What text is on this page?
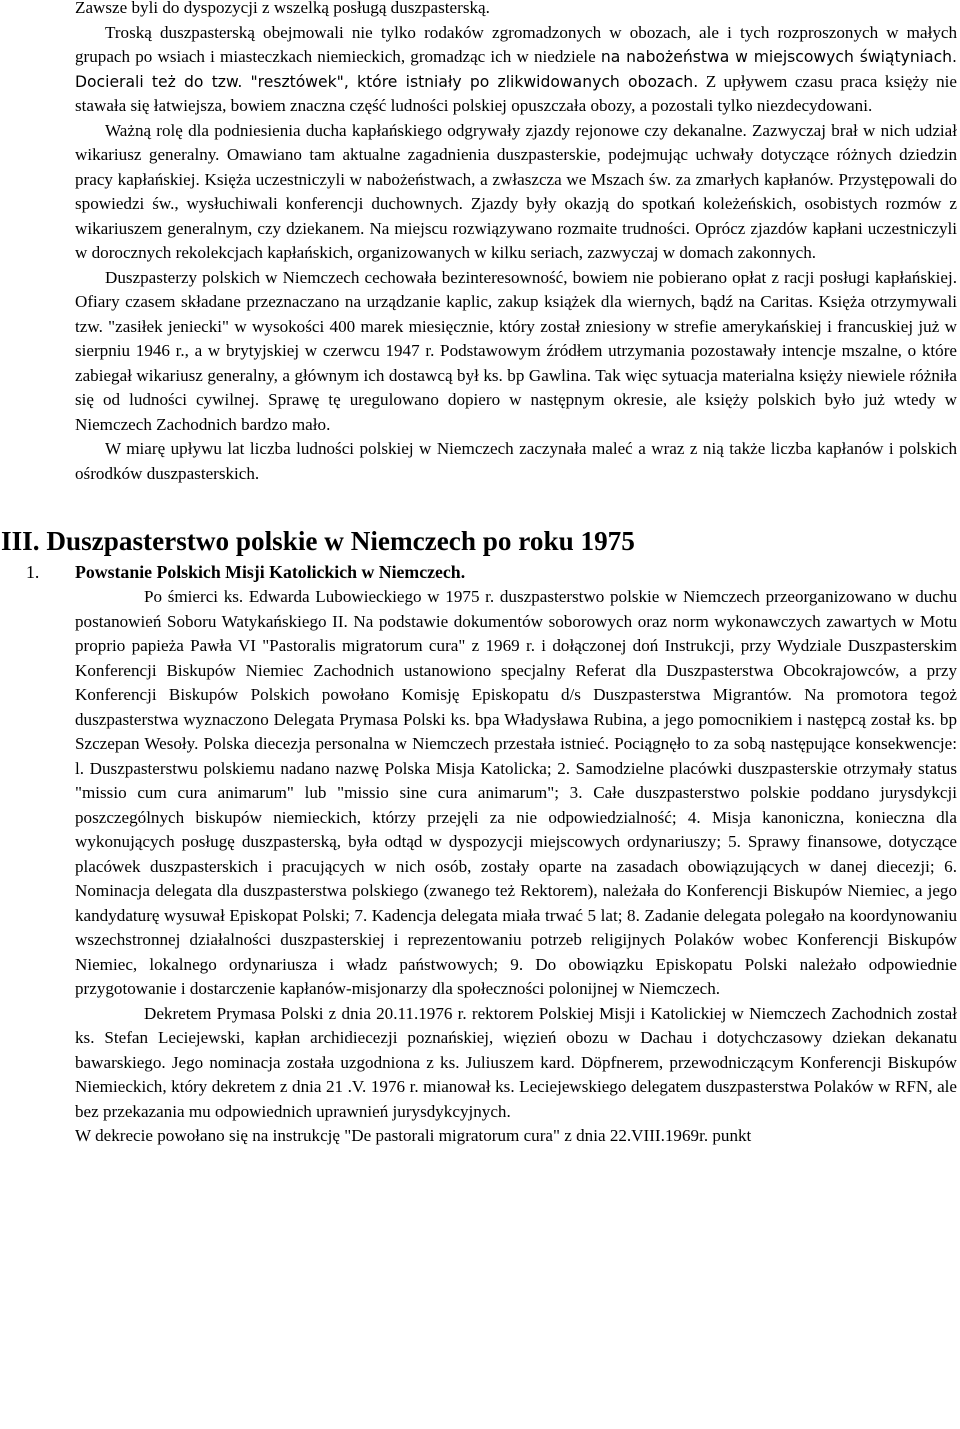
Zawsze byli do dyspozycji z wszelką posługą duszpasterską.

Troską duszpasterską obejmowali nie tylko rodaków zgromadzonych w obozach, ale i tych rozproszonych w małych grupach po wsiach i miasteczkach niemieckich, gromadząc ich w niedziele na nabożeństwa w miejscowych świątyniach. Docierali też do tzw. "resztówek", które istniały po zlikwidowanych obozach. Z upływem czasu praca księży nie stawała się łatwiejsza, bowiem znaczna część ludności polskiej opuszczała obozy, a pozostali tylko niezdecydowani.

Ważną rolę dla podniesienia ducha kapłańskiego odgrywały zjazdy rejonowe czy dekanalne. Zazwyczaj brał w nich udział wikariusz generalny. Omawiano tam aktualne zagadnienia duszpasterskie, podejmując uchwały dotyczące różnych dziedzin pracy kapłańskiej. Księża uczestniczyli w nabożeństwach, a zwłaszcza we Mszach św. za zmarłych kapłanów. Przystępowali do spowiedzi św., wysłuchiwali konferencji duchownych. Zjazdy były okazją do spotkań koleżeńskich, osobistych rozmów z wikariuszem generalnym, czy dziekanem. Na miejscu rozwiązywano rozmaite trudności. Oprócz zjazdów kapłani uczestniczyli w dorocznych rekolekcjach kapłańskich, organizowanych w kilku seriach, zazwyczaj w domach zakonnych.

Duszpasterzy polskich w Niemczech cechowała bezinteresowność, bowiem nie pobierano opłat z racji posługi kapłańskiej. Ofiary czasem składane przeznaczano na urządzanie kaplic, zakup książek dla wiernych, bądź na Caritas. Księża otrzymywali tzw. "zasiłek jeniecki" w wysokości 400 marek miesięcznie, który został zniesiony w strefie amerykańskiej i francuskiej już w sierpniu 1946 r., a w brytyjskiej w czerwcu 1947 r. Podstawowym źródłem utrzymania pozostawały intencje mszalne, o które zabiegał wikariusz generalny, a głównym ich dostawcą był ks. bp Gawlina. Tak więc sytuacja materialna księży niewiele różniła się od ludności cywilnej. Sprawę tę uregulowano dopiero w następnym okresie, ale księży polskich było już wtedy w Niemczech Zachodnich bardzo mało.

W miarę upływu lat liczba ludności polskiej w Niemczech zaczynała maleć a wraz z nią także liczba kapłanów i polskich ośrodków duszpasterskich.

III. Duszpasterstwo polskie w Niemczech po roku 1975
1. Powstanie Polskich Misji Katolickich w Niemczech.

Po śmierci ks. Edwarda Lubowieckiego w 1975 r. duszpasterstwo polskie w Niemczech przeorganizowano w duchu postanowień Soboru Watykańskiego II. Na podstawie dokumentów soborowych oraz norm wykonawczych zawartych w Motu proprio papieża Pawła VI "Pastoralis migratorum cura" z 1969 r. i dołączonej doń Instrukcji, przy Wydziale Duszpasterskim Konferencji Biskupów Niemiec Zachodnich ustanowiono specjalny Referat dla Duszpasterstwa Obcokrajowców, a przy Konferencji Biskupów Polskich powołano Komisję Episkopatu d/s Duszpasterstwa Migrantów. Na promotora tegoż duszpasterstwa wyznaczono Delegata Prymasa Polski ks. bpa Władysława Rubina, a jego pomocnikiem i następcą został ks. bp Szczepan Wesoły. Polska diecezja personalna w Niemczech przestała istnieć. Pociągnęło to za sobą następujące konsekwencje: l. Duszpasterstwu polskiemu nadano nazwę Polska Misja Katolicka; 2. Samodzielne placówki duszpasterskie otrzymały status "missio cum cura animarum" lub "missio sine cura animarum"; 3. Całe duszpasterstwo polskie poddano jurysdykcji poszczególnych biskupów niemieckich, którzy przejęli za nie odpowiedzialność; 4. Misja kanoniczna, konieczna dla wykonujących posługę duszpasterską, była odtąd w dyspozycji miejscowych ordynariuszy; 5. Sprawy finansowe, dotyczące placówek duszpasterskich i pracujących w nich osób, zostały oparte na zasadach obowiązujących w danej diecezji; 6. Nominacja delegata dla duszpasterstwa polskiego (zwanego też Rektorem), należała do Konferencji Biskupów Niemiec, a jego kandydaturę wysuwał Episkopat Polski; 7. Kadencja delegata miała trwać 5 lat; 8. Zadanie delegata polegało na koordynowaniu wszechstronnej działalności duszpasterskiej i reprezentowaniu potrzeb religijnych Polaków wobec Konferencji Biskupów Niemiec, lokalnego ordynariusza i władz państwowych; 9. Do obowiązku Episkopatu Polski należało odpowiednie przygotowanie i dostarczenie kapłanów-misjonarzy dla społeczności polonijnej w Niemczech.

Dekretem Prymasa Polski z dnia 20.11.1976 r. rektorem Polskiej Misji i Katolickiej w Niemczech Zachodnich został ks. Stefan Leciejewski, kapłan archidiecezji poznańskiej, więzień obozu w Dachau i dotychczasowy dziekan dekanatu bawarskiego. Jego nominacja została uzgodniona z ks. Juliuszem kard. Döpfnerem, przewodniczącym Konferencji Biskupów Niemieckich, który dekretem z dnia 21 .V. 1976 r. mianował ks. Leciejewskiego delegatem duszpasterstwa Polaków w RFN, ale bez przekazania mu odpowiednich uprawnień jurysdykcyjnych.

W dekrecie powołano się na instrukcję "De pastorali migratorum cura" z dnia 22.VIII.1969r. punkt
